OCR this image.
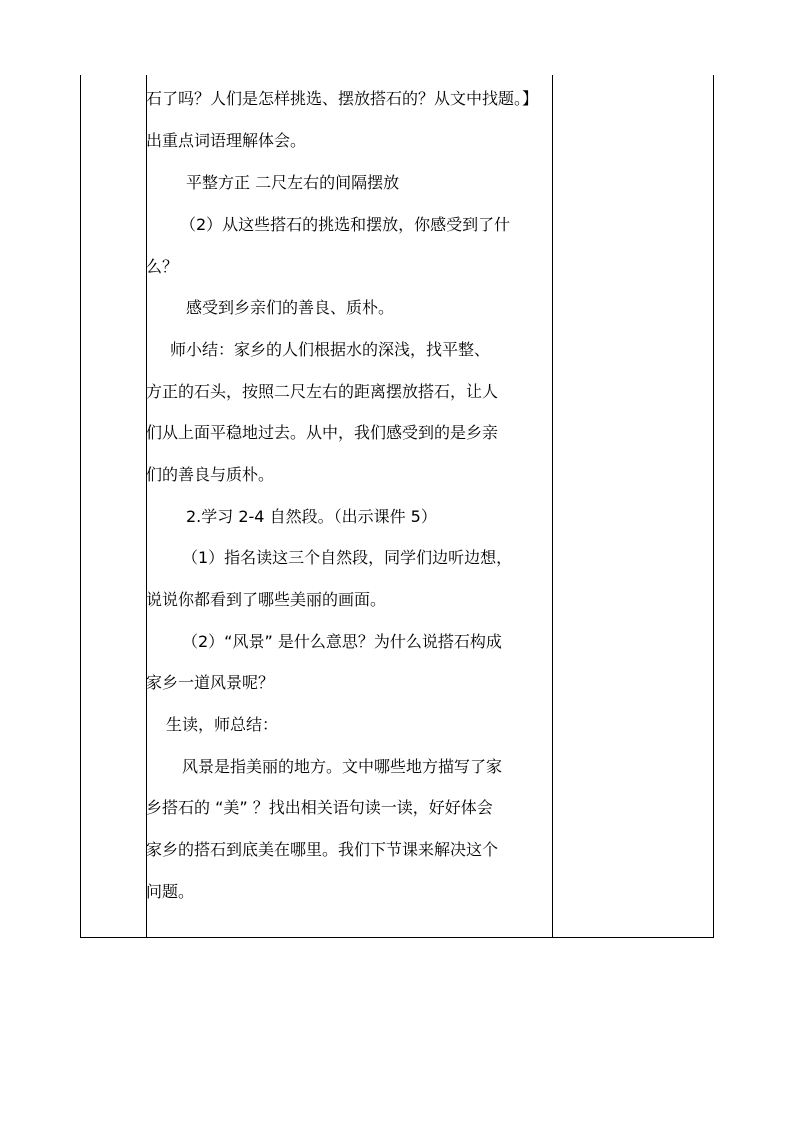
石了吗？人们是怎样挑选、摆放搭石的？从文中找题。】

出重点词语理解体会。

平整方正 二尺左右的间隔摆放

（2）从这些搭石的挑选和摆放，你感受到了什

么？

感受到乡亲们的善良、质朴。

师小结：家乡的人们根据水的深浅，找平整、

方正的石头，按照二尺左右的距离摆放搭石，让人

们从上面平稳地过去。从中，我们感受到的是乡亲

们的善良与质朴。

2.学习 2-4 自然段。（出示课件 5）

（1）指名读这三个自然段，同学们边听边想，

说说你都看到了哪些美丽的画面。

（2）“风景” 是什么意思？为什么说搭石构成

家乡一道风景呢？

生读，师总结：

风景是指美丽的地方。文中哪些地方描写了家

乡搭石的 “美” ？找出相关语句读一读，好好体会

家乡的搭石到底美在哪里。我们下节课来解决这个

问题。
